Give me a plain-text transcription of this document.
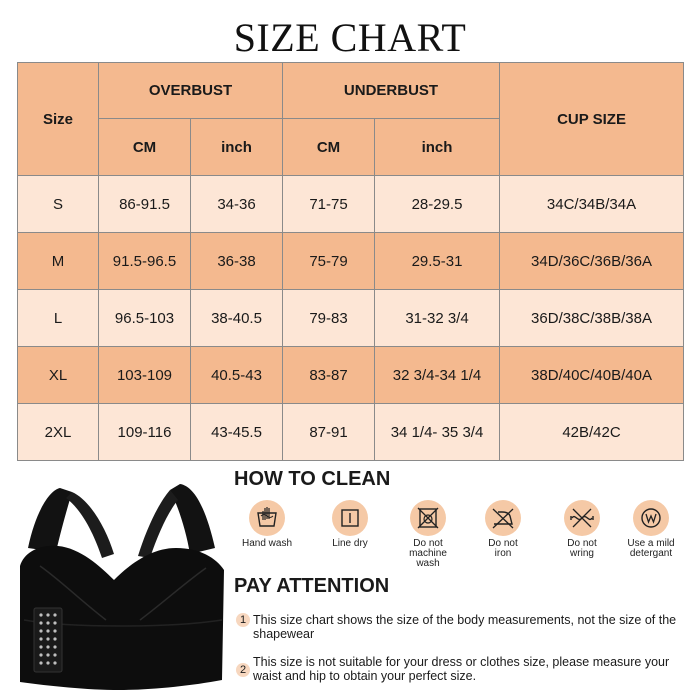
SIZE CHART
Size	OVERBUST		UNDERBUST		CUP SIZE
	CM	inch	CM	inch	
S	86-91.5	34-36	71-75	28-29.5	34C/34B/34A
M	91.5-96.5	36-38	75-79	29.5-31	34D/36C/36B/36A
L	96.5-103	38-40.5	79-83	31-32 3/4	36D/38C/38B/38A
XL	103-109	40.5-43	83-87	32 3/4-34 1/4	38D/40C/40B/40A
2XL	109-116	43-45.5	87-91	34 1/4- 35 3/4	42B/42C
HOW TO CLEAN
Hand wash	Line dry	Do not
machine
wash
Do not
iron
Do not
wring
Use a mild
detergant
PAY ATTENTION
1 This size chart shows the size of the body measurements, not the size of the shapewear
2
This size is not suitable for your dress or clothes size, please measure your waist and hip to obtain your perfect size.
